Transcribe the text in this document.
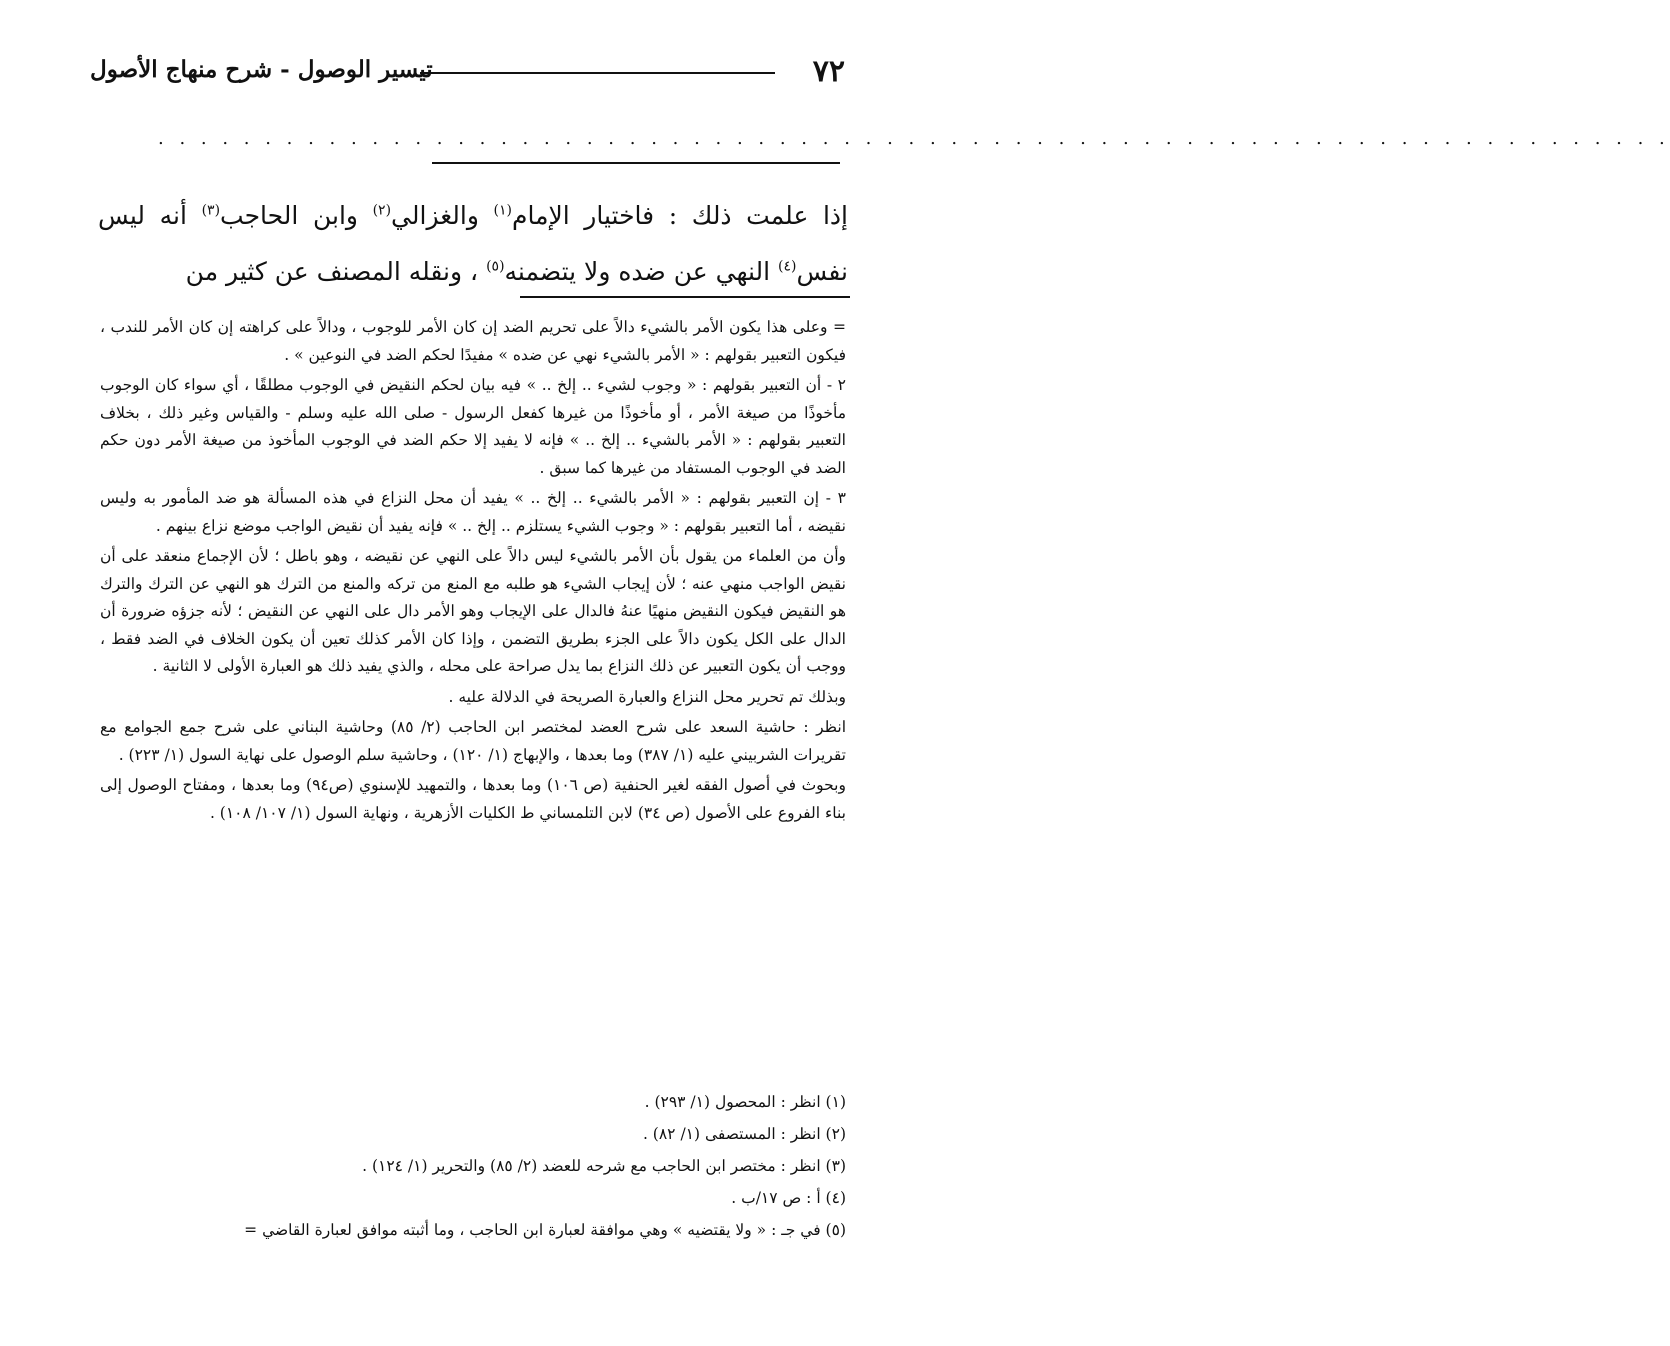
٧٢
تيسير الوصول - شرح منهاج الأصول
. . . . . . . . . . . . . . . . . . . . . . . . . . . . . . . . . . . . . . . . . . . . . . . . . . . . . . . . . . . . . . . . . . . . . . .
إذا علمت ذلك : فاختيار الإمام$^{(١)}$ والغزالي$^{(٢)}$ وابن الحاجب$^{(٣)}$ أنه ليس نفس$^{(٤)}$ النهي عن ضده ولا يتضمنه$^{(٥)}$ ، ونقله المصنف عن كثير من

= وعلى هذا يكون الأمر بالشيء دالاً على تحريم الضد إن كان الأمر للوجوب ، ودالاً على كراهته إن كان الأمر للندب ، فيكون التعبير بقولهم : « الأمر بالشيء نهي عن ضده » مفيدًا لحكم الضد في النوعين » .

٢ - أن التعبير بقولهم : « وجوب لشيء .. إلخ .. » فيه بيان لحكم النقيض في الوجوب مطلقًا ، أي سواء كان الوجوب مأخوذًا من صيغة الأمر ، أو مأخوذًا من غيرها كفعل الرسول - صلى الله عليه وسلم - والقياس وغير ذلك ، بخلاف التعبير بقولهم : « الأمر بالشيء .. إلخ .. » فإنه لا يفيد إلا حكم الضد في الوجوب المأخوذ من صيغة الأمر دون حكم الضد في الوجوب المستفاد من غيرها كما سبق .

٣ - إن التعبير بقولهم : « الأمر بالشيء .. إلخ .. » يفيد أن محل النزاع في هذه المسألة هو ضد المأمور به وليس نقيضه ، أما التعبير بقولهم : « وجوب الشيء يستلزم .. إلخ .. » فإنه يفيد أن نقيض الواجب موضع نزاع بينهم .

وأن من العلماء من يقول بأن الأمر بالشيء ليس دالاً على النهي عن نقيضه ، وهو باطل ؛ لأن الإجماع منعقد على أن نقيض الواجب منهي عنه ؛ لأن إيجاب الشيء هو طلبه مع المنع من تركه والمنع من الترك هو النهي عن الترك والترك هو النقيض فيكون النقيض منهيًا عنهُ فالدال على الإيجاب وهو الأمر دال على النهي عن النقيض ؛ لأنه جزؤه ضرورة أن الدال على الكل يكون دالاً على الجزء بطريق التضمن ، وإذا كان الأمر كذلك تعين أن يكون الخلاف في الضد فقط ، ووجب أن يكون التعبير عن ذلك النزاع بما يدل صراحة على محله ، والذي يفيد ذلك هو العبارة الأولى لا الثانية .

وبذلك تم تحرير محل النزاع والعبارة الصريحة في الدلالة عليه .

انظر : حاشية السعد على شرح العضد لمختصر ابن الحاجب (٢/ ٨٥) وحاشية البناني على شرح جمع الجوامع مع تقريرات الشربيني عليه (١/ ٣٨٧) وما بعدها ، والإبهاج (١/ ١٢٠) ، وحاشية سلم الوصول على نهاية السول (١/ ٢٢٣) .

وبحوث في أصول الفقه لغير الحنفية (ص ١٠٦) وما بعدها ، والتمهيد للإسنوي (ص٩٤) وما بعدها ، ومفتاح الوصول إلى بناء الفروع على الأصول (ص ٣٤) لابن التلمساني ط الكليات الأزهرية ، ونهاية السول (١/ ١٠٧/ ١٠٨) .

(١) انظر : المحصول (١/ ٢٩٣) .
(٢) انظر : المستصفى (١/ ٨٢) .
(٣) انظر : مختصر ابن الحاجب مع شرحه للعضد (٢/ ٨٥) والتحرير (١/ ١٢٤) .
(٤) أ : ص ١٧/ب .
(٥) في جـ : « ولا يقتضيه » وهي موافقة لعبارة ابن الحاجب ، وما أثبته موافق لعبارة القاضي =
